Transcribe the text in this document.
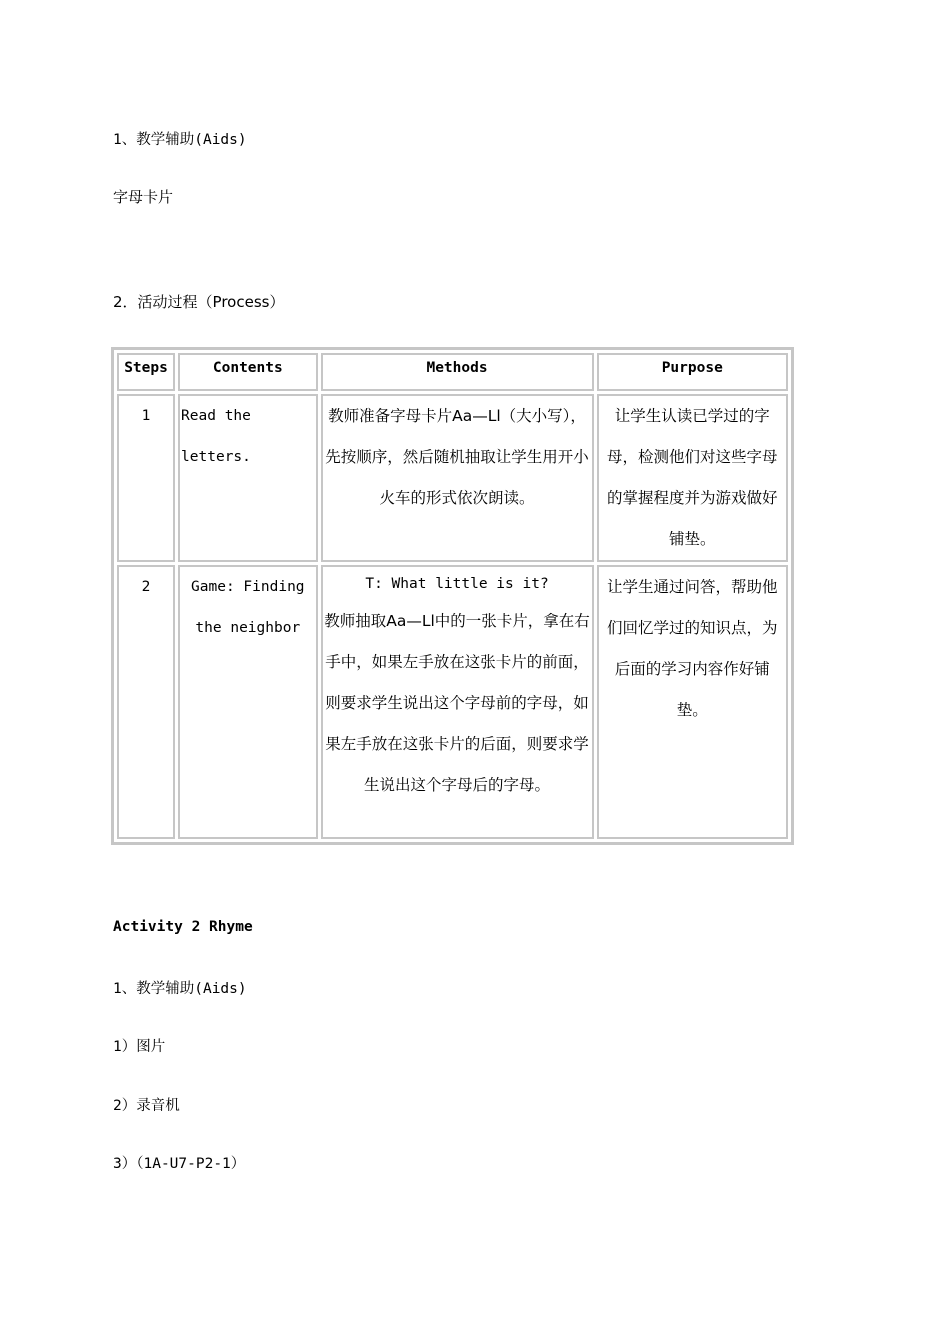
1、教学辅助(Aids)
字母卡片
2．活动过程（Process）
Steps	Contents	Methods	Purpose
1	Read the letters.	教师准备字母卡片Aa—Ll（大小写），先按顺序，然后随机抽取让学生用开小火车的形式依次朗读。	让学生认读已学过的字母，检测他们对这些字母的掌握程度并为游戏做好铺垫。
2	Game: Finding the neighbor	T: What little is it?
教师抽取Aa—Ll中的一张卡片，拿在右手中，如果左手放在这张卡片的前面，则要求学生说出这个字母前的字母，如果左手放在这张卡片的后面，则要求学生说出这个字母后的字母。	让学生通过问答，帮助他们回忆学过的知识点，为后面的学习内容作好铺垫。
Activity 2 Rhyme
1、教学辅助(Aids)
1）图片
2）录音机
3）（1A-U7-P2-1）
